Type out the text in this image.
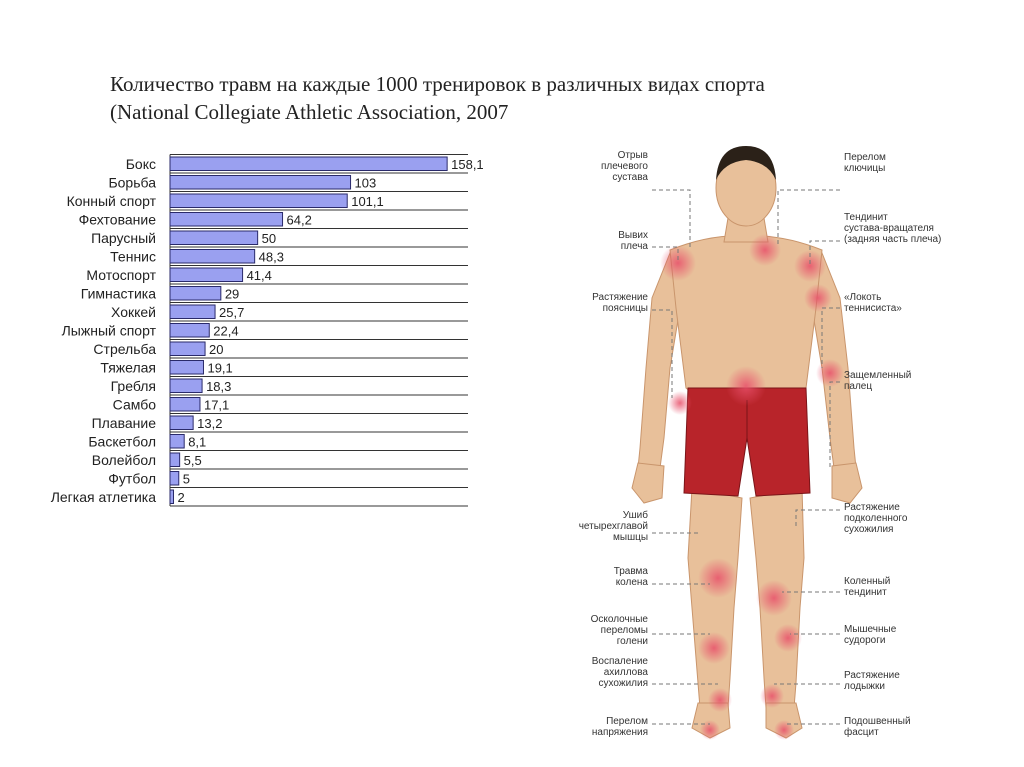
Количество травм на каждые 1000 тренировок в различных видах спорта
(National Collegiate Athletic Association, 2007
Бокс	158,1
Борьба	103
Конный спорт	101,1
Фехтование	64,2
Парусный	50
Теннис	48,3
Мотоспорт	41,4
Гимнастика	29
Хоккей	25,7
Лыжный спорт	22,4
Стрельба	20
Тяжелая	19,1
Гребля	18,3
Самбо	17,1
Плавание	13,2
Баскетбол 8,1
Волейбол 5,5
Футбол 5
Легкая атлетика 2
Отрыв
плечевого
сустава
Вывих
плеча
Растяжение
поясницы
Ушиб
четырехглавой
мышцы
Травма
колена
Осколочные
переломы
голени
Воспаление
ахиллова
сухожилия
Перелом
напряжения
Перелом
ключицы
Тендинит
сустава-вращателя
(задняя часть плеча)
«Локоть
теннисиста»
Защемленный
палец
Растяжение
подколенного
сухожилия
Коленный
тендинит
Мышечные
судороги
Растяжение
лодыжки
Подошвенный
фасцит
